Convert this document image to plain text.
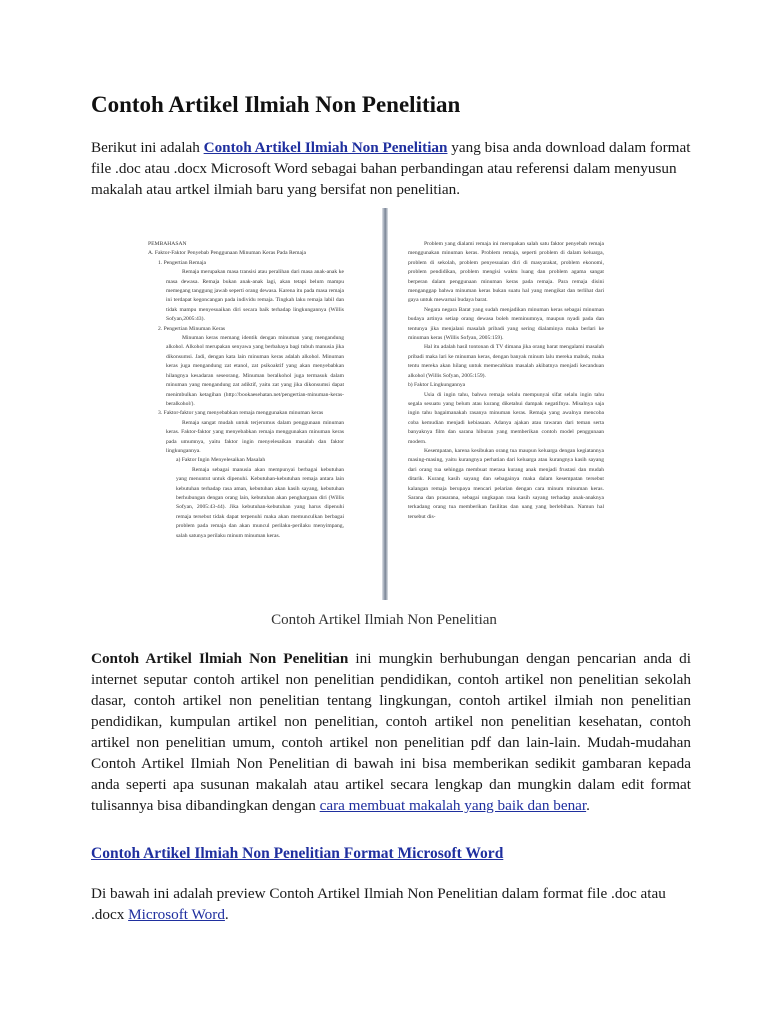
Contoh Artikel Ilmiah Non Penelitian

Berikut ini adalah Contoh Artikel Ilmiah Non Penelitian yang bisa anda download dalam format file .doc atau .docx Microsoft Word sebagai bahan perbandingan atau referensi dalam menyusun makalah atau artkel ilmiah baru yang bersifat non penelitian.

PEMBAHASAN

A. Faktor-Faktor Penyebab Penggunaan Minuman Keras Pada Remaja

1. Pengertian Remaja

Remaja merupakan masa transisi atau peralihan dari masa anak-anak ke masa dewasa. Remaja bukan anak-anak lagi, akan tetapi belum mampu memegang tanggung jawab seperti orang dewasa. Karena itu pada masa remaja ini terdapat kegoncangan pada individu remaja. Tingkah laku remaja labil dan tidak mampu menyesuaikan diri secara baik terhadap lingkungannya (Willis Sofyan,2005:43).

2. Pengertian Minuman Keras

Minuman keras memang identik dengan minuman yang mengandung alkohol. Alkohol merupakan senyawa yang berbahaya bagi tubuh manusia jika dikonsumsi. Jadi, dengan kata lain minuman keras adalah alkohol. Minuman keras juga mengandung zat etanol, zat psikoaktif yang akan menyebabkan hilangnya kesadaran seseorang. Minuman beralkohol juga termasuk dalam minuman yang mengandung zat adiktif, yaitu zat yang jika dikonsumsi dapat menimbulkan ketagihan (http://bookaesehatan.net/pengertian-minuman-keras-beralkohol/).

3. Faktor-faktor yang menyebabkan remaja menggunakan minuman keras

Remaja sangat mudah untuk terjerumus dalam penggunaan minuman keras. Faktor-faktor yang menyebabkan remaja menggunakan minuman keras pada umumnya, yaitu faktor ingin menyelesaikan masalah dan faktor lingkungannya.

a) Faktor Ingin Menyelesaikan Masalah

Remaja sebagai manusia akan mempunyai berbagai kebutuhan yang menuntut untuk dipenuhi. Kebutuhan-kebutuhan remaja antara lain kebutuhan terhadap rasa aman, kebutuhan akan kasih sayang, kebutuhan berhubungan dengan orang lain, kebutuhan akan penghargaan diri (Willis Sofyan, 2005:43-44). Jika kebutuhan-kebutuhan yang harus dipenuhi remaja tersebut tidak dapat terpenuhi maka akan memunculkan berbagai problem pada remaja dan akan muncul perilaku-perilaku menyimpang, salah satunya perilaku minum minuman keras.

Problem yang dialami remaja ini merupakan salah satu faktor penyebab remaja menggunakan minuman keras. Problem remaja, seperti problem di dalam keluarga, problem di sekolah, problem penyesuaian diri di masyarakat, problem ekonomi, problem pendidikan, problem mengisi waktu luang dan problem agama sangat berperan dalam penggunaan minuman keras pada remaja. Para remaja disini menganggap bahwa minuman keras bukan suatu hal yang mengikat dan terlihat dari gaya untuk mewarnai budaya barat.

Negara negara Barat yang sudah menjadikan minuman keras sebagai minuman budaya artinya setiap orang dewasa boleh meminumnya, maupun nyadi pada dan tentunya jika menjalani masalah pribadi yang sering dialaminya maka berlari ke minuman keras (Willis Sofyan, 2005:159).

Hal itu adalah hasil tontonan di TV dimana jika orang barat mengalami masalah pribadi maka lari ke minuman keras, dengan banyak minum lalu mereka mabuk, maka tentu mereka akan hilang untuk memecahkan masalah akibatnya menjadi kecanduan alkohol (Willis Sofyan, 2005:159).

b) Faktor Lingkungannya

Usia di ingin tahu, bahwa remaja selalu mempunyai sifat selalu ingin tahu segala sesuatu yang belum atau kurang diketahui dampak negatifnya. Misalnya saja ingin tahu bagaimanakah rasanya minuman keras. Remaja yang awalnya mencoba coba kemudian menjadi kebiasaan. Adanya ajakan atau tawaran dari teman serta banyaknya film dan sarana hiburan yang memberikan contoh model penggunaan modern.

Kesempatan, karena kesibukan orang tua maupun keluarga dengan kegiatannya masing-masing, yaitu kurangnya perhatian dari keluarga atau kurangnya kasih sayang dari orang tua sehingga membuat merasa kurang anak menjadi frustasi dan mudah ditarik. Kurang kasih sayang dan sebagainya maka dalam kesempatan tersebut kalangan remaja berupaya mencari pelarian dengan cara minum minuman keras. Sarana dan prasarana, sebagai ungkapan rasa kasih sayang terhadap anak-anaknya terkadang orang tua memberikan fasilitas dan uang yang berlebihan. Namun hal tersebut dis-

Contoh Artikel Ilmiah Non Penelitian

Contoh Artikel Ilmiah Non Penelitian ini mungkin berhubungan dengan pencarian anda di internet seputar contoh artikel non penelitian pendidikan, contoh artikel non penelitian sekolah dasar, contoh artikel non penelitian tentang lingkungan, contoh artikel ilmiah non penelitian pendidikan, kumpulan artikel non penelitian, contoh artikel non penelitian kesehatan, contoh artikel non penelitian umum, contoh artikel non penelitian pdf dan lain-lain. Mudah-mudahan Contoh Artikel Ilmiah Non Penelitian di bawah ini bisa memberikan sedikit gambaran kepada anda seperti apa susunan makalah atau artikel secara lengkap dan mungkin dalam edit format tulisannya bisa dibandingkan dengan cara membuat makalah yang baik dan benar.

Contoh Artikel Ilmiah Non Penelitian Format Microsoft Word

Di bawah ini adalah preview Contoh Artikel Ilmiah Non Penelitian dalam format file .doc atau .docx Microsoft Word.
